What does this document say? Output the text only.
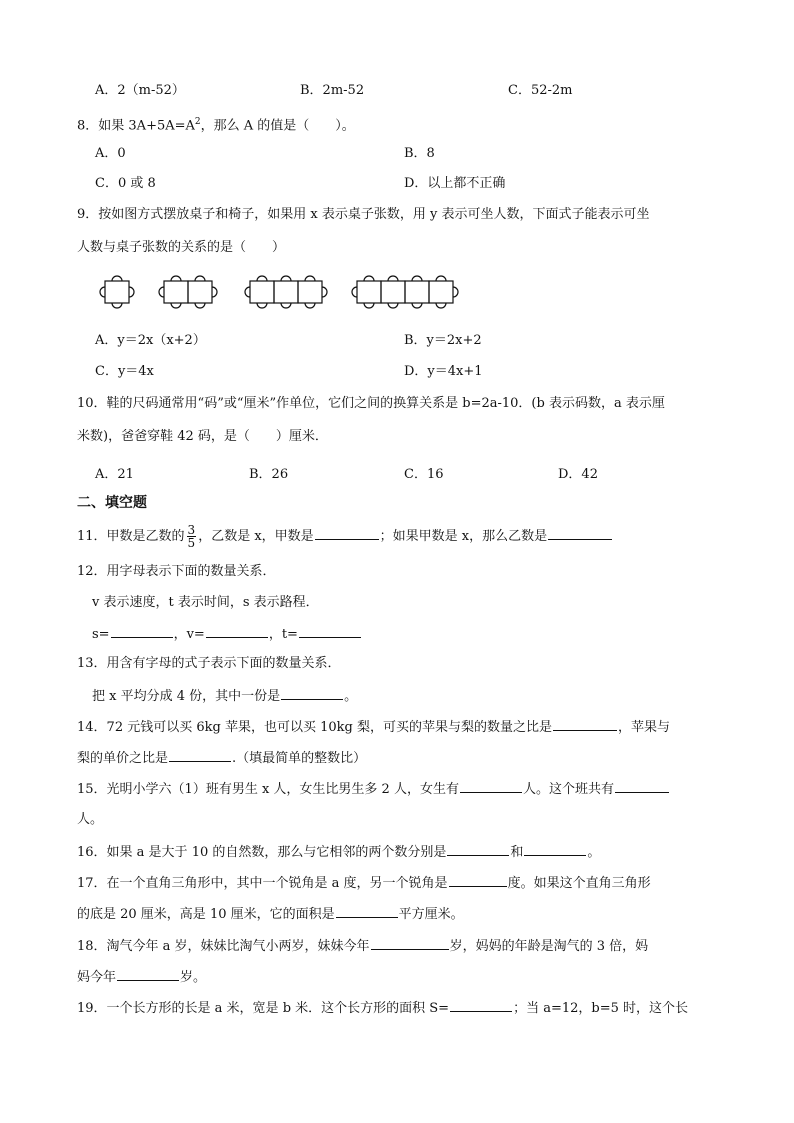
A．2（m-52）	B．2m-52	C．52-2m
8．如果 $3A+5A=A^2$，那么 A 的值是（　　）。
A．0	B．8
C．0 或 8	D．以上都不正确
9．按如图方式摆放桌子和椅子，如果用 x 表示桌子张数，用 y 表示可坐人数，下面式子能表示可坐
人数与桌子张数的关系的是（　　）
A．y＝2x（x+2）	B．y＝2x+2
C．y＝4x	D．y＝4x+1
10．鞋的尺码通常用“码”或“厘米”作单位，它们之间的换算关系是 b=2a-10．(b 表示码数，a 表示厘
米数)，爸爸穿鞋 42 码，是（　　）厘米．
A．21	B．26	C．16	D．42
二、填空题
11．甲数是乙数的 $\frac{3}{5}$ ，乙数是 x，甲数是	；如果甲数是 x，那么乙数是
12．用字母表示下面的数量关系．
v 表示速度，t 表示时间，s 表示路程．
s=	，v=	，t=
13．用含有字母的式子表示下面的数量关系．
把 x 平均分成 4 份，其中一份是	。
14．72 元钱可以买 6kg 苹果，也可以买 10kg 梨，可买的苹果与梨的数量之比是	，苹果与
梨的单价之比是	.（填最简单的整数比）
15．光明小学六（1）班有男生 x 人，女生比男生多 2 人，女生有	人。这个班共有
人。
16．如果 a 是大于 10 的自然数，那么与它相邻的两个数分别是	和	。
17．在一个直角三角形中，其中一个锐角是 a 度，另一个锐角是	度。如果这个直角三角形
的底是 20 厘米，高是 10 厘米，它的面积是	平方厘米。
18．淘气今年 a 岁，妹妹比淘气小两岁，妹妹今年	岁，妈妈的年龄是淘气的 3 倍，妈
妈今年	岁。
19．一个长方形的长是 a 米，宽是 b 米．这个长方形的面积 S=	；当 a=12，b=5 时，这个长
